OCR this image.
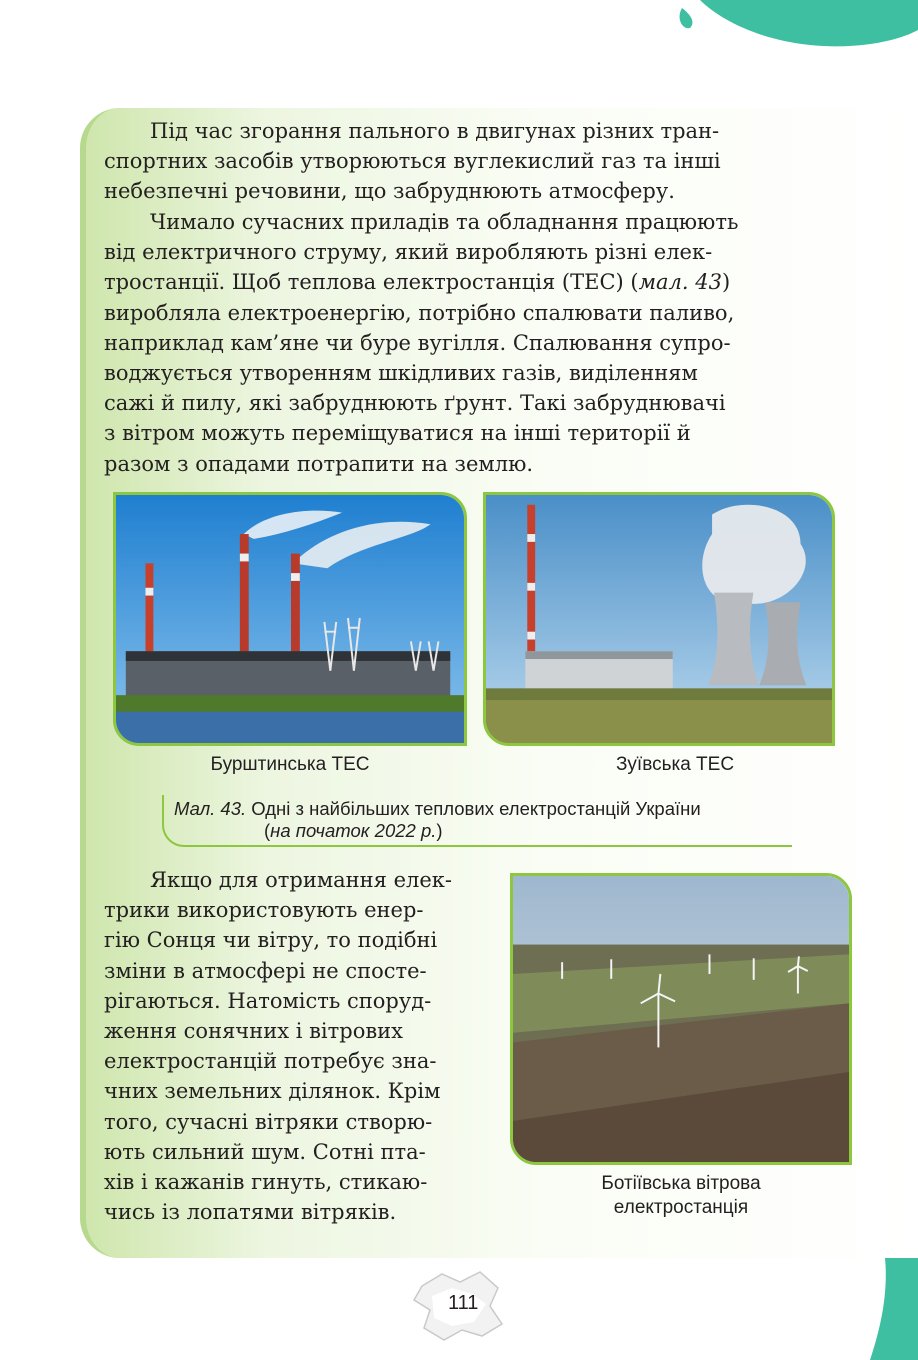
Під час згорання пального в двигунах різних тран-

спортних засобів утворюються вуглекислий газ та інші
небезпечні речовини, що забруднюють атмосферу.

Чимало сучасних приладів та обладнання працюють

від електричного струму, який виробляють різні елек-
тростанції. Щоб теплова електростанція (ТЕС) (мал. 43)
виробляла електроенергію, потрібно спалювати паливо,
наприклад кам’яне чи буре вугілля. Спалювання супро-
воджується утворенням шкідливих газів, виділенням
сажі й пилу, які забруднюють ґрунт. Такі забруднювачі
з вітром можуть переміщуватися на інші території й
разом з опадами потрапити на землю.
Бурштинська ТЕС	Зуївська ТЕС
Мал. 43. Одні з найбільших теплових електростанцій України
(на початок 2022 р.)

Якщо для отримання елек-

трики використовують енер-
гію Сонця чи вітру, то подібні
зміни в атмосфері не спосте-
рігаються. Натомість споруд-
ження сонячних і вітрових
електростанцій потребує зна-
чних земельних ділянок. Крім
того, сучасні вітряки створю-
ють сильний шум. Сотні пта-
хів і кажанів гинуть, стикаю-
чись із лопатями вітряків.
Ботіївська вітрова
електростанція
111
